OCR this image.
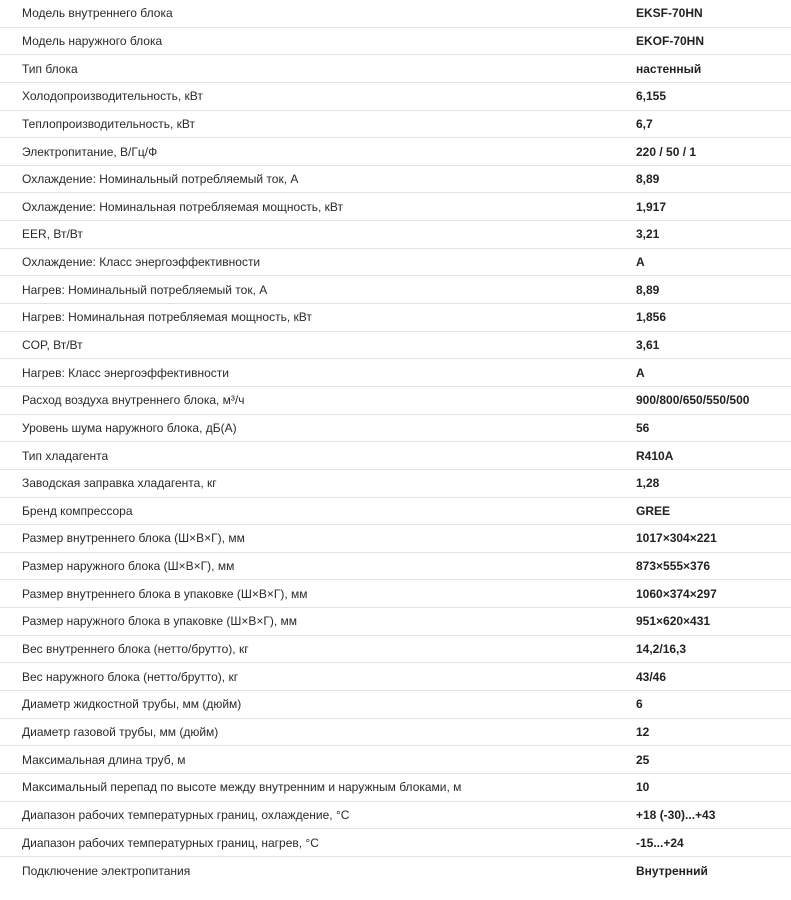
Модель внутреннего блока	EKSF-70HN
Модель наружного блока	EKOF-70HN
Тип блока	настенный
Холодопроизводительность, кВт	6,155
Теплопроизводительность, кВт	6,7
Электропитание, В/Гц/Ф	220 / 50 / 1
Охлаждение: Номинальный потребляемый ток, А	8,89
Охлаждение: Номинальная потребляемая мощность, кВт	1,917
EER, Вт/Вт	3,21
Охлаждение: Класс энергоэффективности	A
Нагрев: Номинальный потребляемый ток, А	8,89
Нагрев: Номинальная потребляемая мощность, кВт	1,856
COP, Вт/Вт	3,61
Нагрев: Класс энергоэффективности	A
Расход воздуха внутреннего блока, м³/ч	900/800/650/550/500
Уровень шума наружного блока, дБ(А)	56
Тип хладагента	R410A
Заводская заправка хладагента, кг	1,28
Бренд компрессора	GREE
Размер внутреннего блока (Ш×В×Г), мм	1017×304×221
Размер наружного блока (Ш×В×Г), мм	873×555×376
Размер внутреннего блока в упаковке (Ш×В×Г), мм	1060×374×297
Размер наружного блока в упаковке (Ш×В×Г), мм	951×620×431
Вес внутреннего блока (нетто/брутто), кг	14,2/16,3
Вес наружного блока (нетто/брутто), кг	43/46
Диаметр жидкостной трубы, мм (дюйм)	6
Диаметр газовой трубы, мм (дюйм)	12
Максимальная длина труб, м	25
Максимальный перепад по высоте между внутренним и наружным блоками, м	10
Диапазон рабочих температурных границ, охлаждение, °C	+18 (-30)...+43
Диапазон рабочих температурных границ, нагрев, °C	-15...+24
Подключение электропитания	Внутренний
